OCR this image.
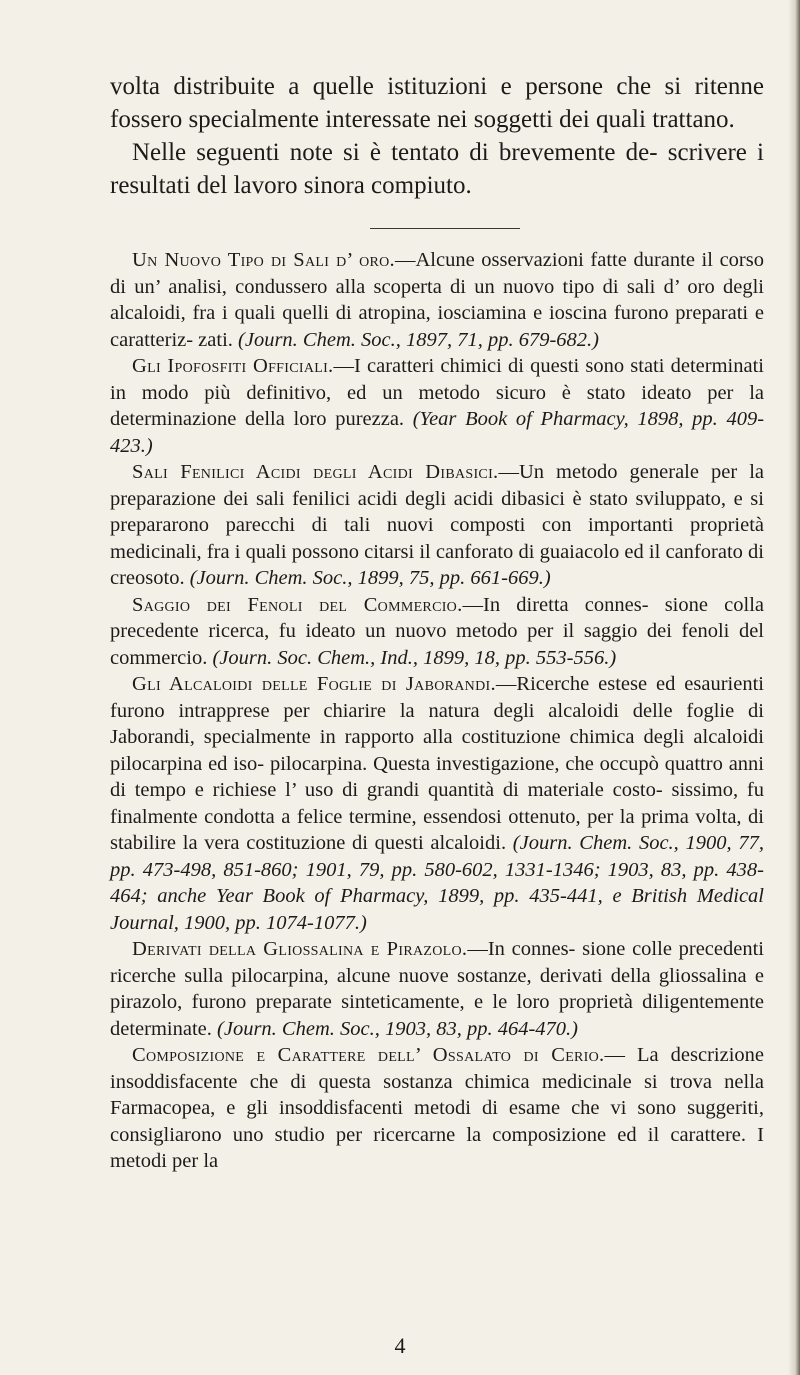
volta distribuite a quelle istituzioni e persone che si ritenne fossero specialmente interessate nei soggetti dei quali trattano.

Nelle seguenti note si è tentato di brevemente de- scrivere i resultati del lavoro sinora compiuto.

Un Nuovo Tipo di Sali d’ oro.—Alcune osservazioni fatte durante il corso di un’ analisi, condussero alla scoperta di un nuovo tipo di sali d’ oro degli alcaloidi, fra i quali quelli di atropina, iosciamina e ioscina furono preparati e caratteriz- zati. (Journ. Chem. Soc., 1897, 71, pp. 679-682.)

Gli Ipofosfiti Officiali.—I caratteri chimici di questi sono stati determinati in modo più definitivo, ed un metodo sicuro è stato ideato per la determinazione della loro purezza. (Year Book of Pharmacy, 1898, pp. 409-423.)

Sali Fenilici Acidi degli Acidi Dibasici.—Un metodo generale per la preparazione dei sali fenilici acidi degli acidi dibasici è stato sviluppato, e si prepararono parecchi di tali nuovi composti con importanti proprietà medicinali, fra i quali possono citarsi il canforato di guaiacolo ed il canforato di creosoto. (Journ. Chem. Soc., 1899, 75, pp. 661-669.)

Saggio dei Fenoli del Commercio.—In diretta connes- sione colla precedente ricerca, fu ideato un nuovo metodo per il saggio dei fenoli del commercio. (Journ. Soc. Chem., Ind., 1899, 18, pp. 553-556.)

Gli Alcaloidi delle Foglie di Jaborandi.—Ricerche estese ed esaurienti furono intrapprese per chiarire la natura degli alcaloidi delle foglie di Jaborandi, specialmente in rapporto alla costituzione chimica degli alcaloidi pilocarpina ed iso- pilocarpina. Questa investigazione, che occupò quattro anni di tempo e richiese l’ uso di grandi quantità di materiale costo- sissimo, fu finalmente condotta a felice termine, essendosi ottenuto, per la prima volta, di stabilire la vera costituzione di questi alcaloidi. (Journ. Chem. Soc., 1900, 77, pp. 473-498, 851-860; 1901, 79, pp. 580-602, 1331-1346; 1903, 83, pp. 438-464; anche Year Book of Pharmacy, 1899, pp. 435-441, e British Medical Journal, 1900, pp. 1074-1077.)

Derivati della Gliossalina e Pirazolo.—In connes- sione colle precedenti ricerche sulla pilocarpina, alcune nuove sostanze, derivati della gliossalina e pirazolo, furono preparate sinteticamente, e le loro proprietà diligentemente determinate. (Journ. Chem. Soc., 1903, 83, pp. 464-470.)

Composizione e Carattere dell’ Ossalato di Cerio.— La descrizione insoddisfacente che di questa sostanza chimica medicinale si trova nella Farmacopea, e gli insoddisfacenti metodi di esame che vi sono suggeriti, consigliarono uno studio per ricercarne la composizione ed il carattere. I metodi per la

4
